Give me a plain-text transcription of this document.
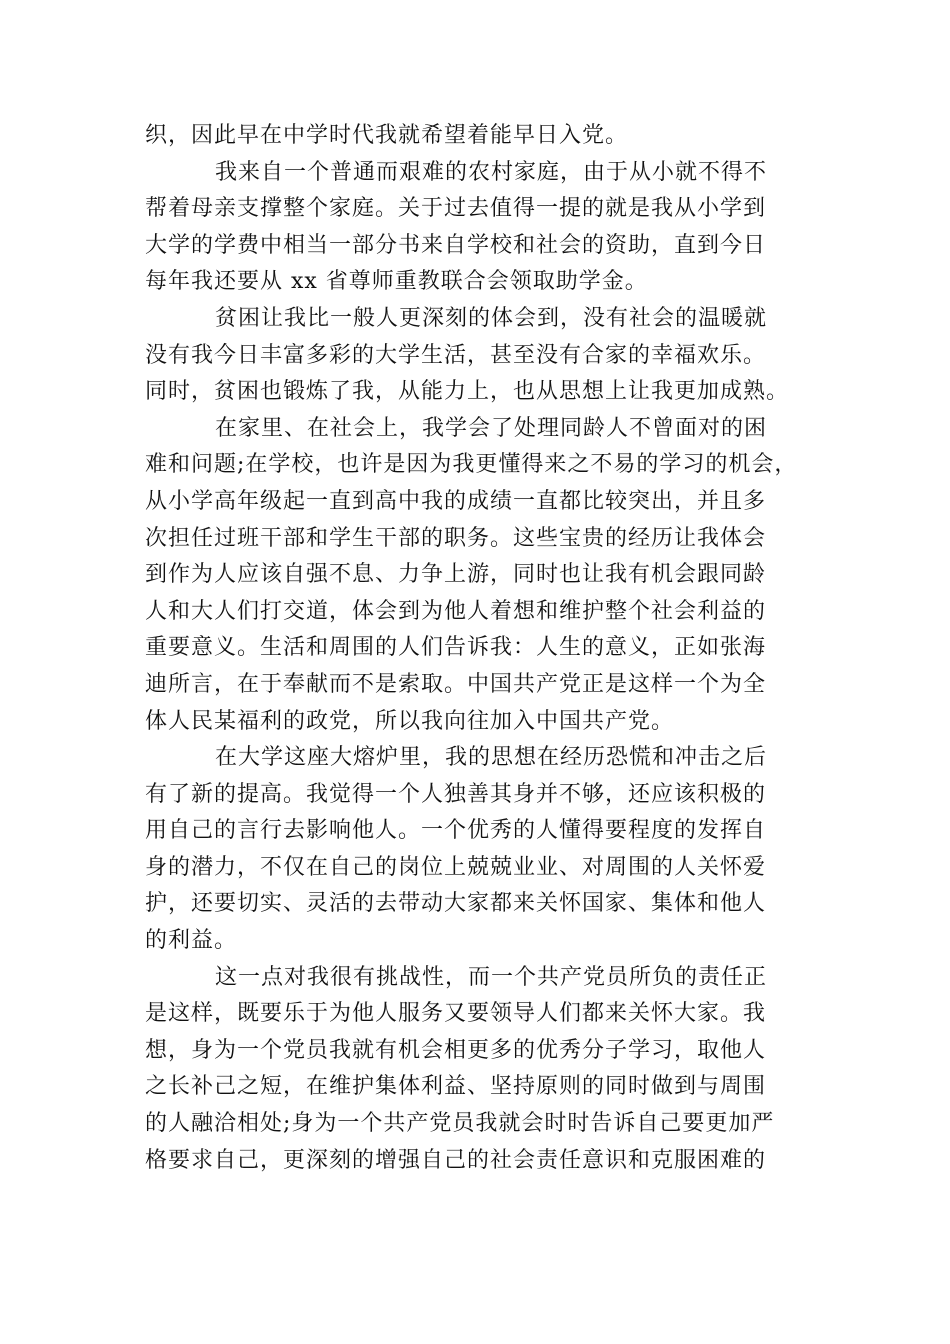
织，因此早在中学时代我就希望着能早日入党。

我来自一个普通而艰难的农村家庭，由于从小就不得不
帮着母亲支撑整个家庭。关于过去值得一提的就是我从小学到
大学的学费中相当一部分书来自学校和社会的资助，直到今日
每年我还要从 xx 省尊师重教联合会领取助学金。

贫困让我比一般人更深刻的体会到，没有社会的温暖就
没有我今日丰富多彩的大学生活，甚至没有合家的幸福欢乐。
同时，贫困也锻炼了我，从能力上，也从思想上让我更加成熟。

在家里、在社会上，我学会了处理同龄人不曾面对的困
难和问题;在学校，也许是因为我更懂得来之不易的学习的机会，
从小学高年级起一直到高中我的成绩一直都比较突出，并且多
次担任过班干部和学生干部的职务。这些宝贵的经历让我体会
到作为人应该自强不息、力争上游，同时也让我有机会跟同龄
人和大人们打交道，体会到为他人着想和维护整个社会利益的
重要意义。生活和周围的人们告诉我：人生的意义，正如张海
迪所言，在于奉献而不是索取。中国共产党正是这样一个为全
体人民某福利的政党，所以我向往加入中国共产党。

在大学这座大熔炉里，我的思想在经历恐慌和冲击之后
有了新的提高。我觉得一个人独善其身并不够，还应该积极的
用自己的言行去影响他人。一个优秀的人懂得要程度的发挥自
身的潜力，不仅在自己的岗位上兢兢业业、对周围的人关怀爱
护，还要切实、灵活的去带动大家都来关怀国家、集体和他人
的利益。

这一点对我很有挑战性，而一个共产党员所负的责任正
是这样，既要乐于为他人服务又要领导人们都来关怀大家。我
想，身为一个党员我就有机会相更多的优秀分子学习，取他人
之长补己之短，在维护集体利益、坚持原则的同时做到与周围
的人融洽相处;身为一个共产党员我就会时时告诉自己要更加严
格要求自己，更深刻的增强自己的社会责任意识和克服困难的
